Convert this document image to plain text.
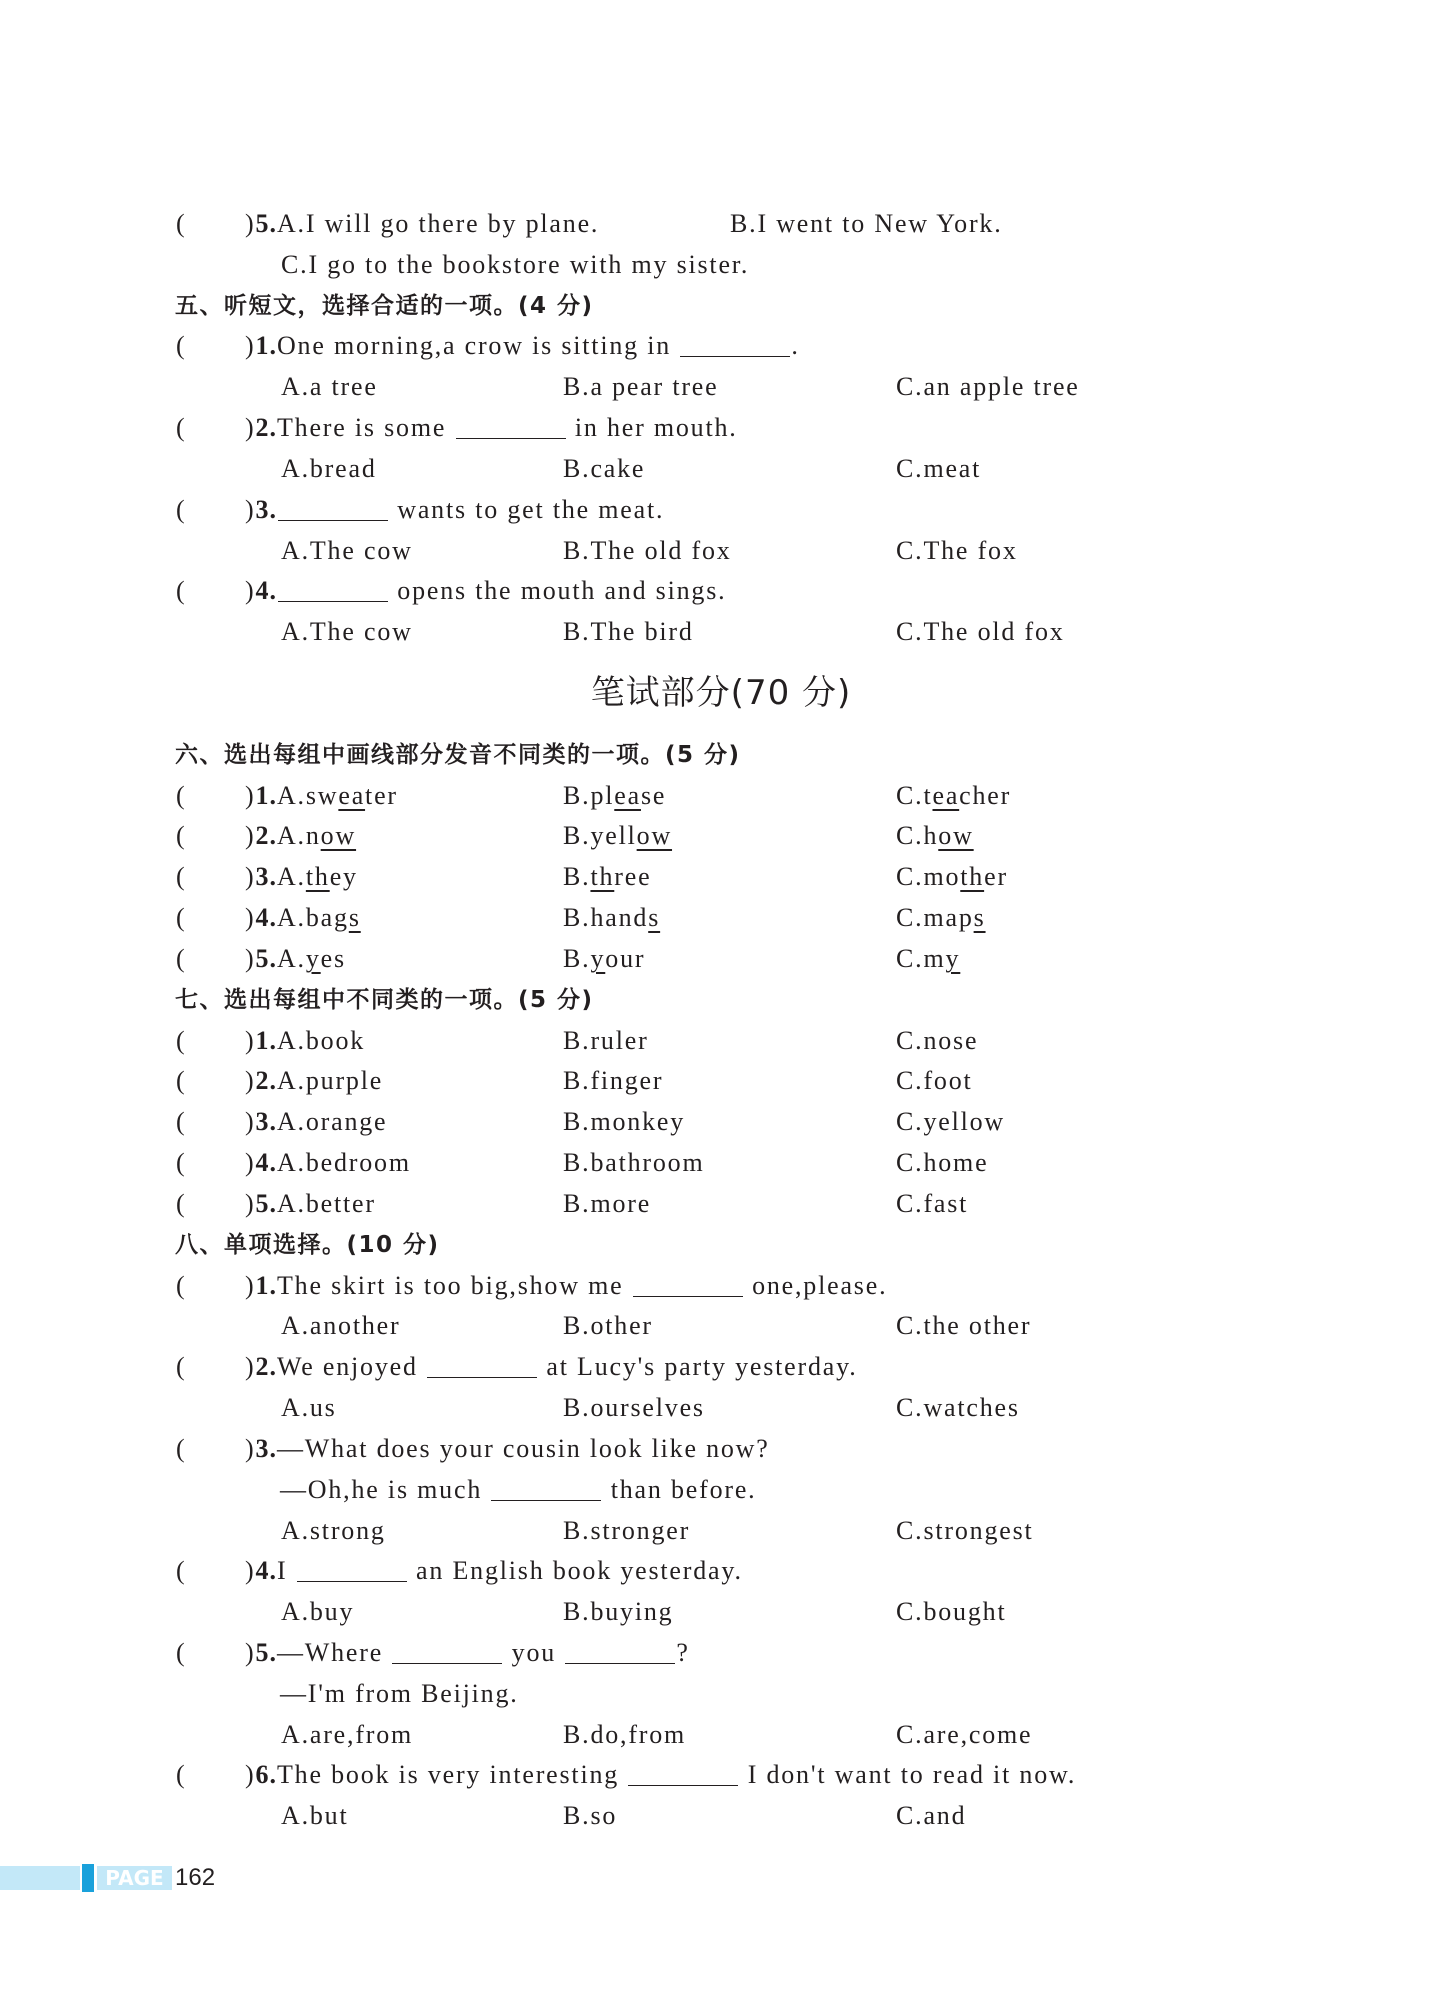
( )5.A.I will go there by plane.	B.I went to New York.
C.I go to the bookstore with my sister.
五、听短文，选择合适的一项。(4 分)
( )1.One morning,a crow is sitting in	.
A.a tree	B.a pear tree	C.an apple tree
( )2.There is some	in her mouth.
A.bread	B.cake	C.meat
( )3.	wants to get the meat.
A.The cow	B.The old fox	C.The fox
( )4.	opens the mouth and sings.
A.The cow	B.The bird	C.The old fox
笔试部分(70 分)
六、选出每组中画线部分发音不同类的一项。(5 分)
( )1.A.sweater	B.please	C.teacher
( )2.A.now	B.yellow	C.how
( )3.A.they	B.three	C.mother
( )4.A.bags	B.hands	C.maps
( )5.A.yes	B.your	C.my
七、选出每组中不同类的一项。(5 分)
( )1.A.book	B.ruler	C.nose
( )2.A.purple	B.finger	C.foot
( )3.A.orange	B.monkey	C.yellow
( )4.A.bedroom	B.bathroom	C.home
( )5.A.better	B.more	C.fast
八、单项选择。(10 分)
( )1.The skirt is too big,show me	one,please.
A.another	B.other	C.the other
( )2.We enjoyed	at Lucy's party yesterday.
A.us	B.ourselves	C.watches
( )3.—What does your cousin look like now?
—Oh,he is much	than before.
A.strong	B.stronger	C.strongest
( )4.I	an English book yesterday.
A.buy	B.buying	C.bought
( )5.—Where	you	?
—I'm from Beijing.
A.are,from	B.do,from	C.are,come
( )6.The book is very interesting	I don't want to read it now.
A.but	B.so	C.and
PAGE 162
